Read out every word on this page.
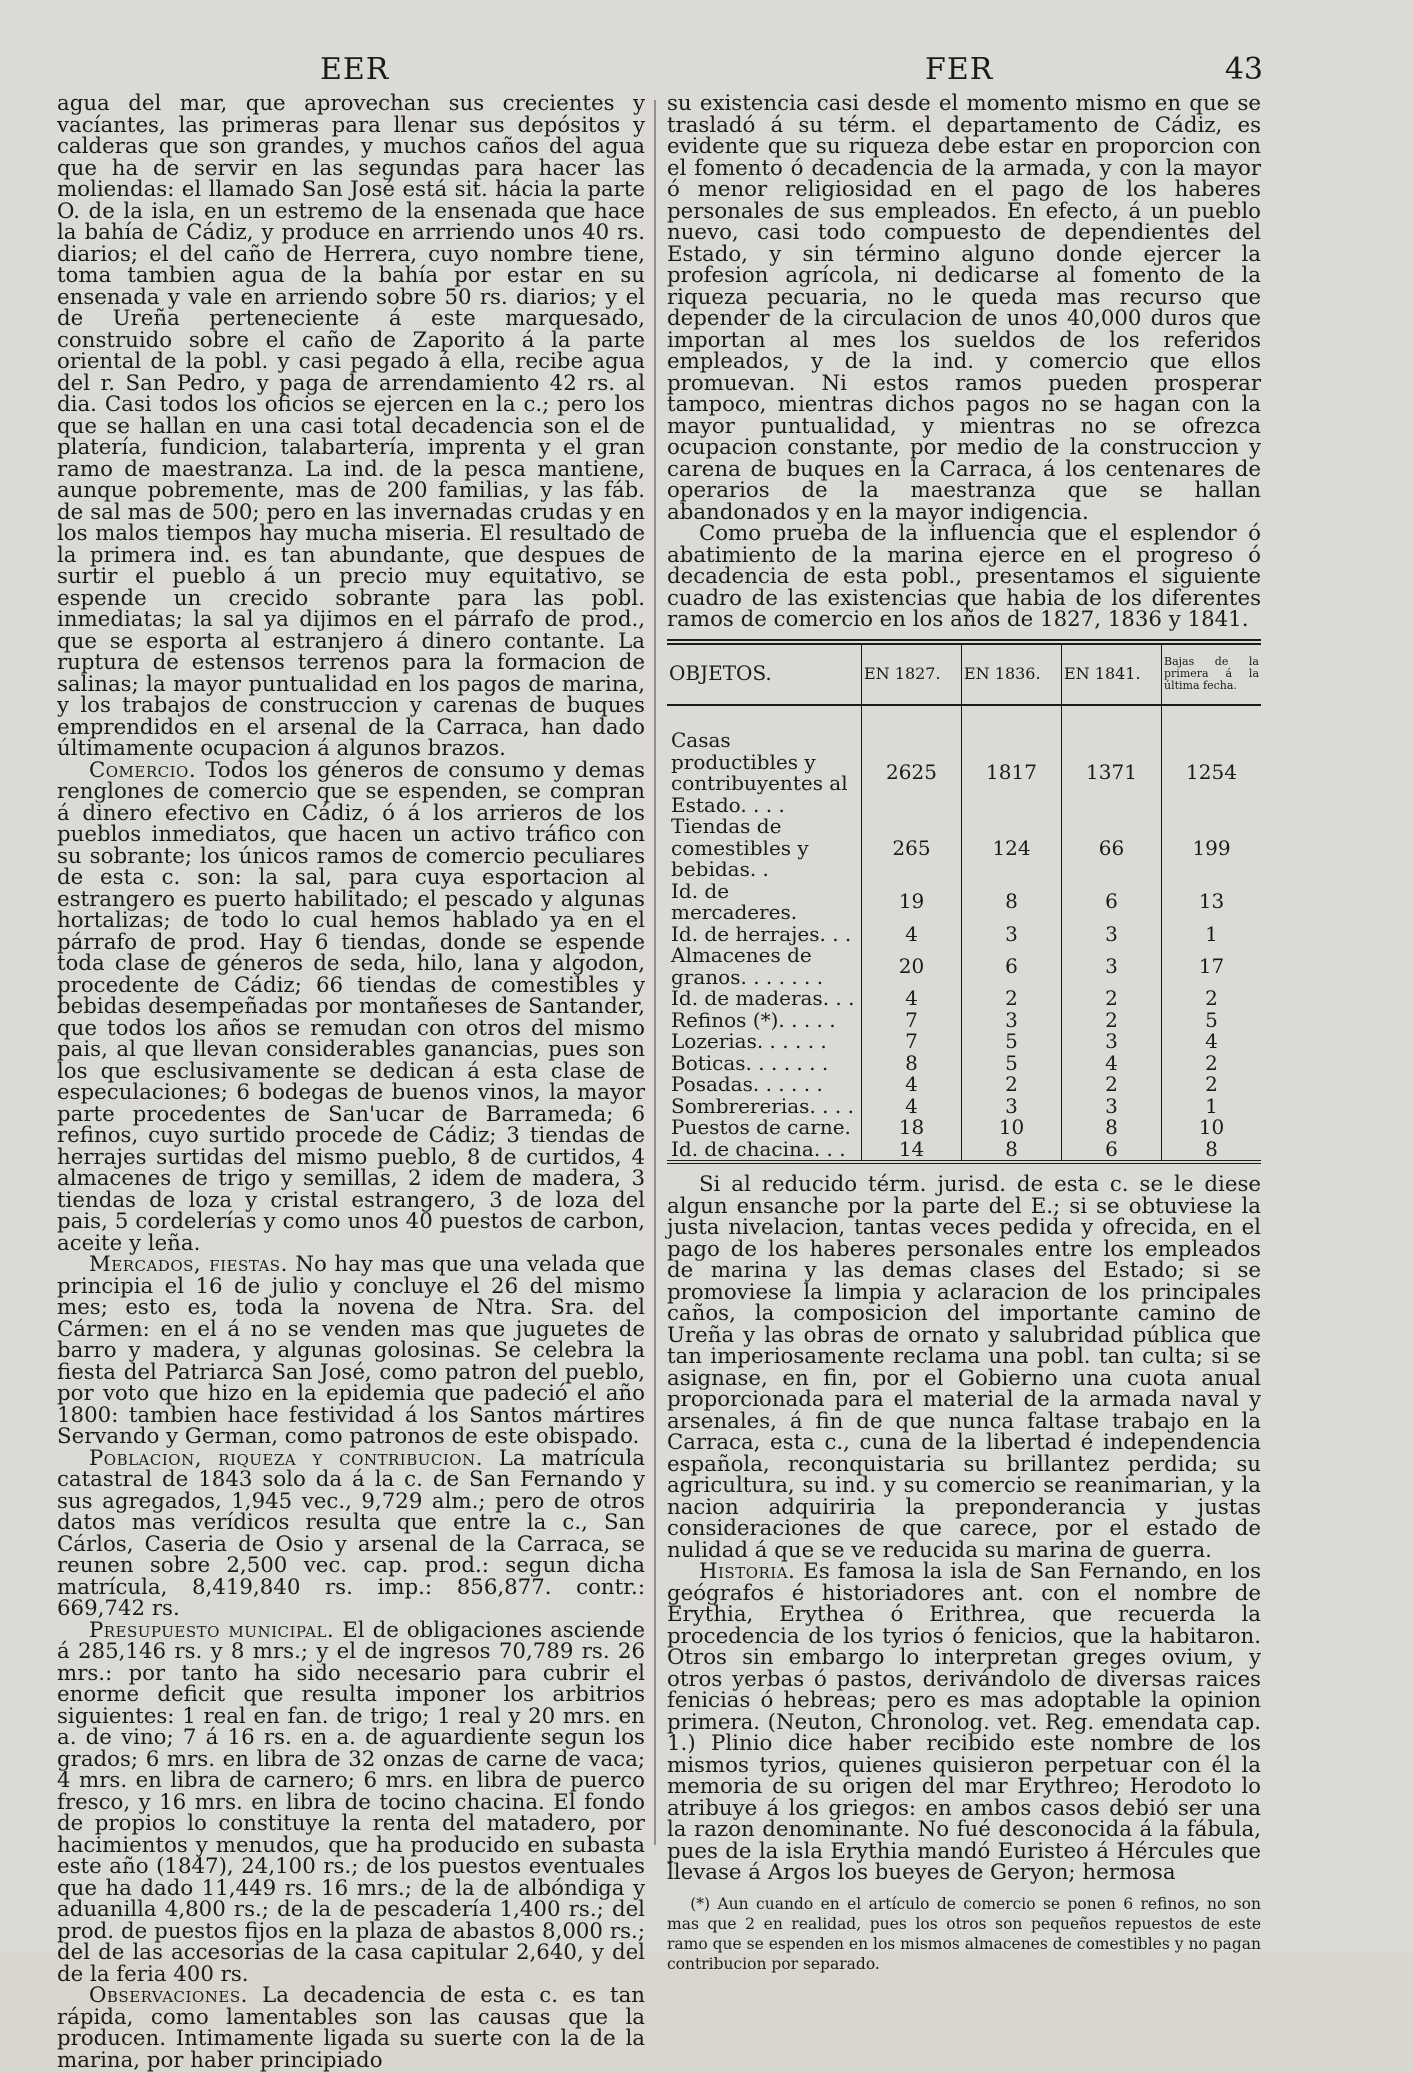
EER	FER	43

agua del mar, que aprovechan sus crecientes y vacíantes, las primeras para llenar sus depósitos y calderas que son grandes, y muchos caños del agua que ha de servir en las segundas para hacer las moliendas: el llamado San José está sit. hácia la parte O. de la isla, en un estremo de la ensenada que hace la bahía de Cádiz, y produce en arrriendo unos 40 rs. diarios; el del caño de Herrera, cuyo nombre tiene, toma tambien agua de la bahía por estar en su ensenada y vale en arriendo sobre 50 rs. diarios; y el de Ureña perteneciente á este marquesado, construido sobre el caño de Zaporito á la parte oriental de la pobl. y casi pegado á ella, recibe agua del r. San Pedro, y paga de arrendamiento 42 rs. al dia. Casi todos los oficios se ejercen en la c.; pero los que se hallan en una casi total decadencia son el de platería, fundicion, talabartería, imprenta y el gran ramo de maestranza. La ind. de la pesca mantiene, aunque pobremente, mas de 200 familias, y las fáb. de sal mas de 500; pero en las invernadas crudas y en los malos tiempos hay mucha miseria. El resultado de la primera ind. es tan abundante, que despues de surtir el pueblo á un precio muy equitativo, se espende un crecido sobrante para las pobl. inmediatas; la sal ya dijimos en el párrafo de prod., que se esporta al estranjero á dinero contante. La ruptura de estensos terrenos para la formacion de salinas; la mayor puntualidad en los pagos de marina, y los trabajos de construccion y carenas de buques emprendidos en el arsenal de la Carraca, han dado últimamente ocupacion á algunos brazos.

Comercio. Todos los géneros de consumo y demas renglones de comercio que se espenden, se compran á dinero efectivo en Cádiz, ó á los arrieros de los pueblos inmediatos, que hacen un activo tráfico con su sobrante; los únicos ramos de comercio peculiares de esta c. son: la sal, para cuya esportacion al estrangero es puerto habilitado; el pescado y algunas hortalizas; de todo lo cual hemos hablado ya en el párrafo de prod. Hay 6 tiendas, donde se espende toda clase de géneros de seda, hilo, lana y algodon, procedente de Cádiz; 66 tiendas de comestibles y bebidas desempeñadas por montañeses de Santander, que todos los años se remudan con otros del mismo pais, al que llevan considerables ganancias, pues son los que esclusivamente se dedican á esta clase de especulaciones; 6 bodegas de buenos vinos, la mayor parte procedentes de San'ucar de Barrameda; 6 refinos, cuyo surtido procede de Cádiz; 3 tiendas de herrajes surtidas del mismo pueblo, 8 de curtidos, 4 almacenes de trigo y semillas, 2 idem de madera, 3 tiendas de loza y cristal estrangero, 3 de loza del pais, 5 cordelerías y como unos 40 puestos de carbon, aceite y leña.

Mercados, fiestas. No hay mas que una velada que principia el 16 de julio y concluye el 26 del mismo mes; esto es, toda la novena de Ntra. Sra. del Cármen: en el á no se venden mas que juguetes de barro y madera, y algunas golosinas. Se celebra la fiesta del Patriarca San José, como patron del pueblo, por voto que hizo en la epidemia que padeció el año 1800: tambien hace festividad á los Santos mártires Servando y German, como patronos de este obispado.

Poblacion, riqueza y contribucion. La matrícula catastral de 1843 solo da á la c. de San Fernando y sus agregados, 1,945 vec., 9,729 alm.; pero de otros datos mas verídicos resulta que entre la c., San Cárlos, Caseria de Osio y arsenal de la Carraca, se reunen sobre 2,500 vec. cap. prod.: segun dicha matrícula, 8,419,840 rs. imp.: 856,877. contr.: 669,742 rs.

Presupuesto municipal. El de obligaciones asciende á 285,146 rs. y 8 mrs.; y el de ingresos 70,789 rs. 26 mrs.: por tanto ha sido necesario para cubrir el enorme deficit que resulta imponer los arbitrios siguientes: 1 real en fan. de trigo; 1 real y 20 mrs. en a. de vino; 7 á 16 rs. en a. de aguardiente segun los grados; 6 mrs. en libra de 32 onzas de carne de vaca; 4 mrs. en libra de carnero; 6 mrs. en libra de puerco fresco, y 16 mrs. en libra de tocino chacina. El fondo de propios lo constituye la renta del matadero, por hacimientos y menudos, que ha producido en subasta este año (1847), 24,100 rs.; de los puestos eventuales que ha dado 11,449 rs. 16 mrs.; de la de albóndiga y aduanilla 4,800 rs.; de la de pescadería 1,400 rs.; del prod. de puestos fijos en la plaza de abastos 8,000 rs.; del de las accesorias de la casa capitular 2,640, y del de la feria 400 rs.

Observaciones. La decadencia de esta c. es tan rápida, como lamentables son las causas que la producen. Intimamente ligada su suerte con la de la marina, por haber principiado

su existencia casi desde el momento mismo en que se trasladó á su térm. el departamento de Cádiz, es evidente que su riqueza debe estar en proporcion con el fomento ó decadencia de la armada, y con la mayor ó menor religiosidad en el pago de los haberes personales de sus empleados. En efecto, á un pueblo nuevo, casi todo compuesto de dependientes del Estado, y sin término alguno donde ejercer la profesion agrícola, ni dedicarse al fomento de la riqueza pecuaria, no le queda mas recurso que depender de la circulacion de unos 40,000 duros que importan al mes los sueldos de los referidos empleados, y de la ind. y comercio que ellos promuevan. Ni estos ramos pueden prosperar tampoco, mientras dichos pagos no se hagan con la mayor puntualidad, y mientras no se ofrezca ocupacion constante, por medio de la construccion y carena de buques en la Carraca, á los centenares de operarios de la maestranza que se hallan abandonados y en la mayor indigencia.

Como prueba de la influencia que el esplendor ó abatimiento de la marina ejerce en el progreso ó decadencia de esta pobl., presentamos el siguiente cuadro de las existencias que habia de los diferentes ramos de comercio en los años de 1827, 1836 y 1841.

OBJETOS.	EN 1827.	EN 1836.	EN 1841.	Bajas de la primera á la última fecha.
Casas productibles y contribuyentes al Estado. . . .	2625	1817	1371	1254
Tiendas de comestibles y bebidas. .	265	124	66	199
Id. de mercaderes.	19	8	6	13
Id. de herrajes. . .	4	3	3	1
Almacenes de granos. . . . . . .	20	6	3	17
Id. de maderas. . .	4	2	2	2
Refinos (*). . . . .	7	3	2	5
Lozerias. . . . . .	7	5	3	4
Boticas. . . . . . .	8	5	4	2
Posadas. . . . . .	4	2	2	2
Sombrererias. . . .	4	3	3	1
Puestos de carne.	18	10	8	10
Id. de chacina. . .	14	8	6	8

Si al reducido térm. jurisd. de esta c. se le diese algun ensanche por la parte del E.; si se obtuviese la justa nivelacion, tantas veces pedida y ofrecida, en el pago de los haberes personales entre los empleados de marina y las demas clases del Estado; si se promoviese la limpia y aclaracion de los principales caños, la composicion del importante camino de Ureña y las obras de ornato y salubridad pública que tan imperiosamente reclama una pobl. tan culta; si se asignase, en fin, por el Gobierno una cuota anual proporcionada para el material de la armada naval y arsenales, á fin de que nunca faltase trabajo en la Carraca, esta c., cuna de la libertad é independencia española, reconquistaria su brillantez perdida; su agricultura, su ind. y su comercio se reanimarian, y la nacion adquiriria la preponderancia y justas consideraciones de que carece, por el estado de nulidad á que se ve reducida su marina de guerra.

Historia. Es famosa la isla de San Fernando, en los geógrafos é historiadores ant. con el nombre de Erythia, Erythea ó Erithrea, que recuerda la procedencia de los tyrios ó fenicios, que la habitaron. Otros sin embargo lo interpretan greges ovium, y otros yerbas ó pastos, derivándolo de diversas raices fenicias ó hebreas; pero es mas adoptable la opinion primera. (Neuton, Chronolog. vet. Reg. emendata cap. 1.) Plinio dice haber recibido este nombre de los mismos tyrios, quienes quisieron perpetuar con él la memoria de su origen del mar Erythreo; Herodoto lo atribuye á los griegos: en ambos casos debió ser una la razon denominante. No fué desconocida á la fábula, pues de la isla Erythia mandó Euristeo á Hércules que llevase á Argos los bueyes de Geryon; hermosa

(*) Aun cuando en el artículo de comercio se ponen 6 refinos, no son mas que 2 en realidad, pues los otros son pequeños repuestos de este ramo que se espenden en los mismos almacenes de comestibles y no pagan contribucion por separado.
